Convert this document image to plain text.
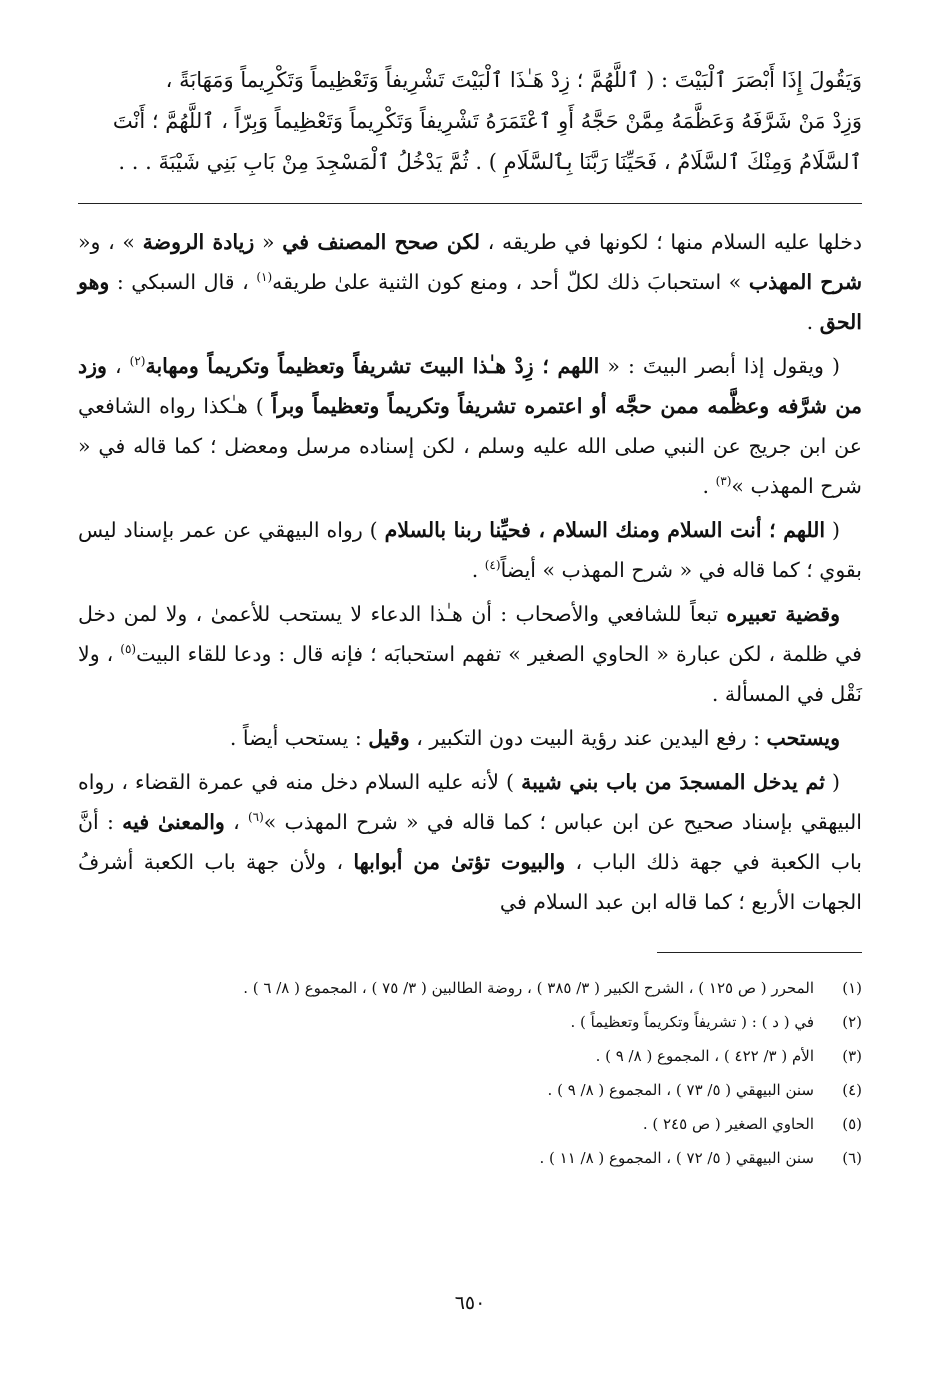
وَيَقُولَ إِذَا أَبْصَرَ ٱلْبَيْتَ : ( ٱللَّهُمَّ ؛ زِدْ هَـٰذَا ٱلْبَيْتَ تَشْرِيفاً وَتَعْظِيماً وَتَكْرِيماً وَمَهَابَةً ،

وَزِدْ مَنْ شَرَّفَهُ وَعَظَّمَهُ مِمَّنْ حَجَّهُ أَوِ ٱعْتَمَرَهُ تَشْرِيفاً وَتَكْرِيماً وَتَعْظِيماً وَبِرّاً ، ٱللَّهُمَّ ؛ أَنْتَ

ٱلسَّلَامُ وَمِنْكَ ٱلسَّلَامُ ، فَحَيِّنَا رَبَّنَا بِٱلسَّلَامِ ) . ثُمَّ يَدْخُلُ ٱلْمَسْجِدَ مِنْ بَابِ بَنِي شَيْبَةَ . . .

دخلها عليه السلام منها ؛ لكونها في طريقه ، لكن صحح المصنف في « زيادة الروضة » ، و« شرح المهذب » استحبابَ ذلك لكلّ أحد ، ومنع كون الثنية علىٰ طريقه$^{(١)}$ ، قال السبكي : وهو الحق .

( ويقول إذا أبصر البيتَ : « اللهم ؛ زِدْ هـٰذا البيتَ تشريفاً وتعظيماً وتكريماً ومهابة$^{(٢)}$ ، وزد من شرَّفه وعظَّمه ممن حجَّه أو اعتمره تشريفاً وتكريماً وتعظيماً وبراً ) هـٰكذا رواه الشافعي عن ابن جريج عن النبي صلى الله عليه وسلم ، لكن إسناده مرسل ومعضل ؛ كما قاله في « شرح المهذب »$^{(٣)}$ .

( اللهم ؛ أنت السلام ومنك السلام ، فحيِّنا ربنا بالسلام ) رواه البيهقي عن عمر بإسناد ليس بقوي ؛ كما قاله في « شرح المهذب » أيضاً$^{(٤)}$ .

وقضية تعبيره تبعاً للشافعي والأصحاب : أن هـٰذا الدعاء لا يستحب للأعمىٰ ، ولا لمن دخل في ظلمة ، لكن عبارة « الحاوي الصغير » تفهم استحبابَه ؛ فإنه قال : ودعا للقاء البيت$^{(٥)}$ ، ولا نَقْل في المسألة .

ويستحب : رفع اليدين عند رؤية البيت دون التكبير ، وقيل : يستحب أيضاً .

( ثم يدخل المسجدَ من باب بني شيبة ) لأنه عليه السلام دخل منه في عمرة القضاء ، رواه البيهقي بإسناد صحيح عن ابن عباس ؛ كما قاله في « شرح المهذب »$^{(٦)}$ ، والمعنىٰ فيه : أنَّ باب الكعبة في جهة ذلك الباب ، والبيوت تؤتىٰ من أبوابها ، ولأن جهة باب الكعبة أشرفُ الجهات الأربع ؛ كما قاله ابن عبد السلام في

(١)
المحرر ( ص ١٢٥ ) ، الشرح الكبير ( ٣/ ٣٨٥ ) ، روضة الطالبين ( ٣/ ٧٥ ) ، المجموع ( ٨/ ٦ ) .
(٢)
في ( د ) : ( تشريفاً وتكريماً وتعظيماً ) .
(٣)
الأم ( ٣/ ٤٢٢ ) ، المجموع ( ٨/ ٩ ) .
(٤)
سنن البيهقي ( ٥/ ٧٣ ) ، المجموع ( ٨/ ٩ ) .
(٥)
الحاوي الصغير ( ص ٢٤٥ ) .
(٦)
سنن البيهقي ( ٥/ ٧٢ ) ، المجموع ( ٨/ ١١ ) .
٦٥٠
